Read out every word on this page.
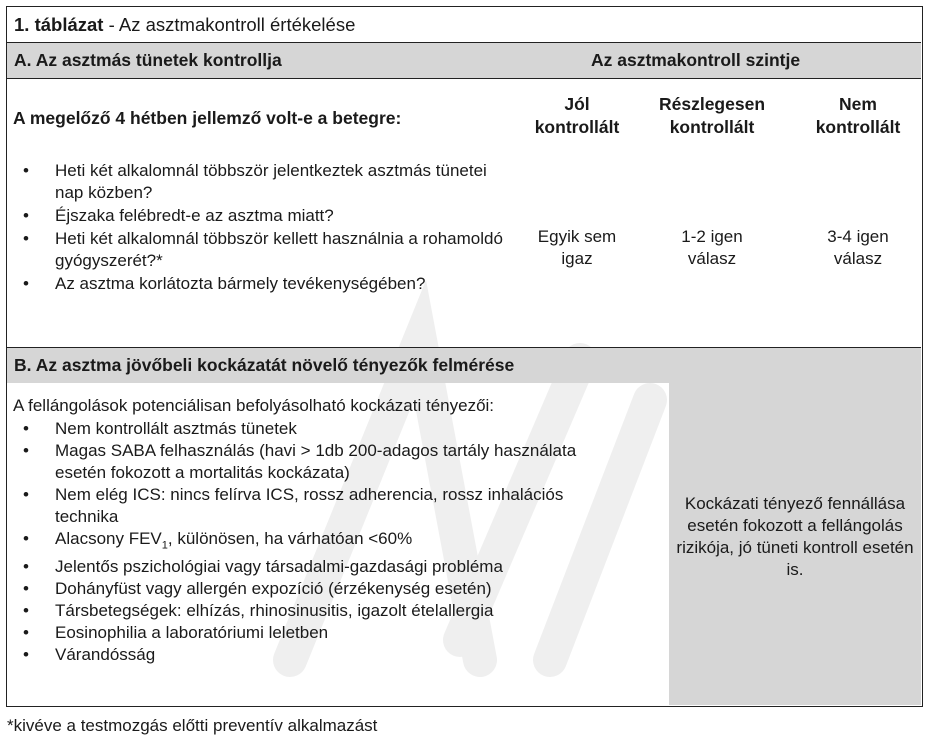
1. táblázat - Az asztmakontroll értékelése
A. Az asztmás tünetek kontrollja	Az asztmakontroll szintje
A megelőző 4 hétben jellemző volt-e a betegre:
Jól
kontrollált
Részlegesen
kontrollált
Nem
kontrollált
• Heti két alkalomnál többször jelentkeztek asztmás tünetei nap közben?
• Éjszaka felébredt-e az asztma miatt?
• Heti két alkalomnál többször kellett használnia a rohamoldó gyógyszerét?*
• Az asztma korlátozta bármely tevékenységében?
Egyik sem
igaz
1-2 igen
válasz
3-4 igen
válasz
B. Az asztma jövőbeli kockázatát növelő tényezők felmérése
A fellángolások potenciálisan befolyásolható kockázati tényezői:
• Nem kontrollált asztmás tünetek
• Magas SABA felhasználás (havi > 1db 200-adagos tartály használata esetén fokozott a mortalitás kockázata)
• Nem elég ICS: nincs felírva ICS, rossz adherencia, rossz inhalációs technika
• Alacsony $FEV_1$, különösen, ha várhatóan <60%
• Jelentős pszichológiai vagy társadalmi-gazdasági probléma
• Dohányfüst vagy allergén expozíció (érzékenység esetén)
• Társbetegségek: elhízás, rhinosinusitis, igazolt ételallergia
• Eosinophilia a laboratóriumi leletben
• Várandósság
Kockázati tényező fennállása esetén fokozott a fellángolás rizikója, jó tüneti kontroll esetén is.
*kivéve a testmozgás előtti preventív alkalmazást
